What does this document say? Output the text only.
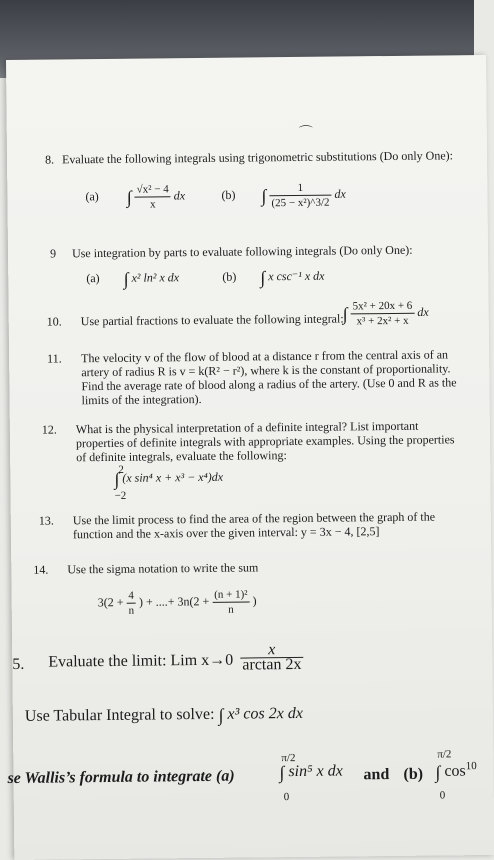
⌒
8. Evaluate the following integrals using trigonometric substitutions (Do only One):
(a) ∫ $\frac{\text{√x² − 4}}{x}$ dx	(b) ∫ $\frac{1}{\text{(25 − x²)\textasciicircum{}3/2}}$ dx
9 Use integration by parts to evaluate following integrals (Do only One):
(a) ∫ x² ln² x dx	(b) ∫ x csc⁻¹ x dx
10. Use partial fractions to evaluate the following integral:
∫ $\frac{\text{5x² + 20x + 6}}{\text{x³ + 2x² + x}}$ dx
11. The velocity v of the flow of blood at a distance r from the central axis of an
artery of radius R is v = k(R² − r²), where k is the constant of proportionality.
Find the average rate of blood along a radius of the artery. (Use 0 and R as the
limits of the integration).
12. What is the physical interpretation of a definite integral? List important
properties of definite integrals with appropriate examples. Using the properties
of definite integrals, evaluate the following:
2
∫ (x sin⁴ x + x³ − x⁴)dx
−2
13. Use the limit process to find the area of the region between the graph of the
function and the x-axis over the given interval: y = 3x − 4, [2,5]
14. Use the sigma notation to write the sum
$3(2 + \frac{4}{n}$ ) + ....+ $3n(2 + \frac{\text{(n + 1)²}}{n}$ )
5. Evaluate the limit: Lim $x\to 0 \frac{x}{\arctan 2x}$
Use Tabular Integral to solve: ∫ x³ cos 2x dx
se Wallis’s formula to integrate (a)
π/2
∫ sin⁵ x dx
0
and (b)
π/2
∫ $\cos^{10}$
0
